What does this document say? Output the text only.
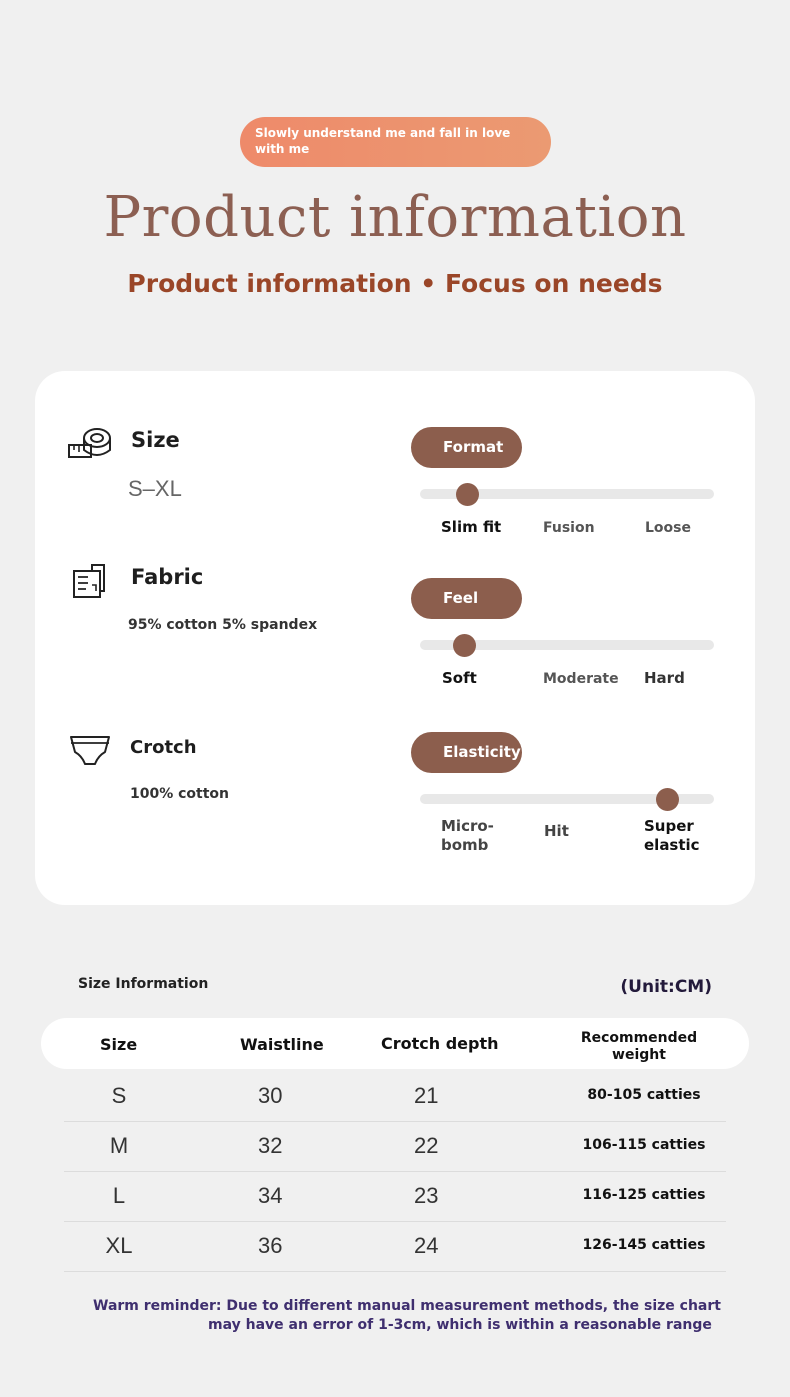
Slowly understand me and fall in love with me
Product information
Product information • Focus on needs
Size
S–XL
Fabric
95% cotton 5% spandex
Crotch
100% cotton
Format
Slim fit	Fusion	Loose
Feel
Soft	Moderate Hard
Elasticity
Micro-bomb
Hit	Super elastic
Size Information	(Unit:CM)
Size	Waistline	Crotch depth	Recommended weight
S	30	21	80-105 catties
M	32	22	106-115 catties
L	34	23	116-125 catties
XL	36	24	126-145 catties
Warm reminder: Due to different manual measurement methods, the size chart
may have an error of 1-3cm, which is within a reasonable range
